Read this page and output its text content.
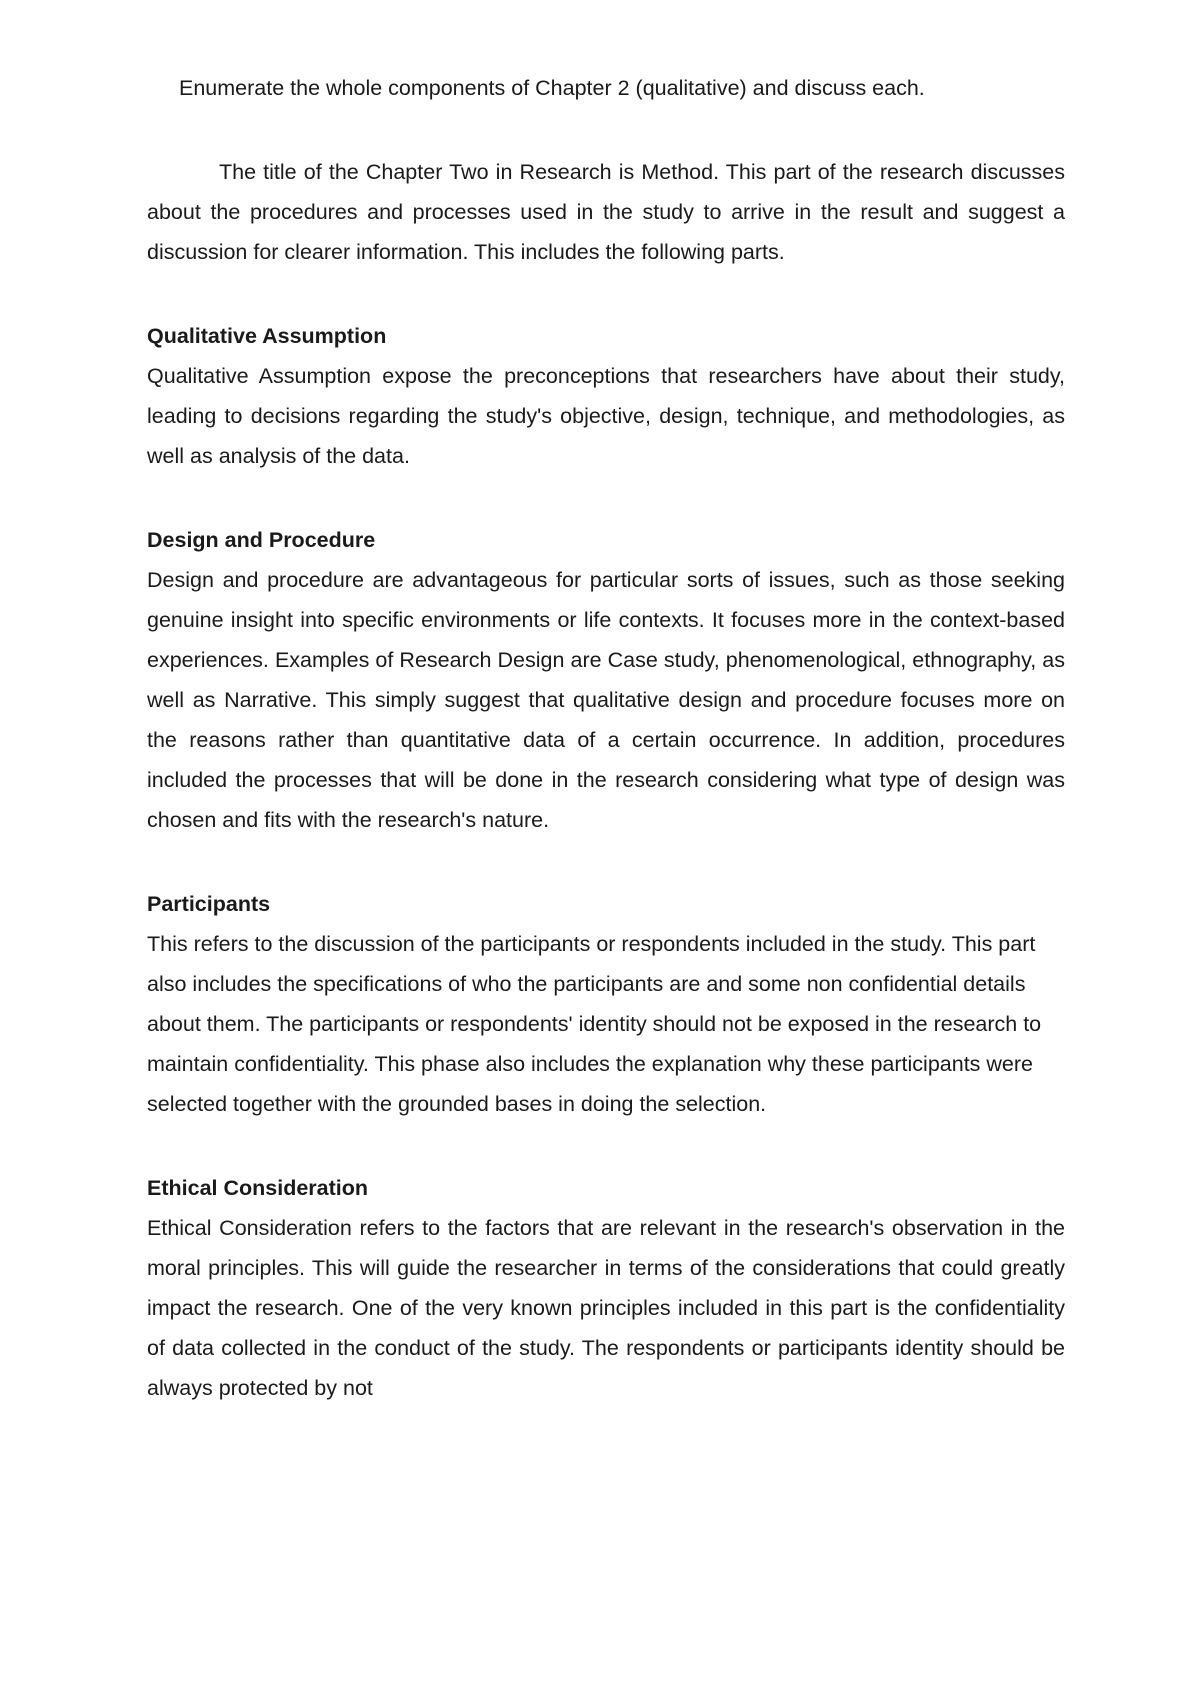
Enumerate the whole components of Chapter 2 (qualitative) and discuss each.

The title of the Chapter Two in Research is Method. This part of the research discusses about the procedures and processes used in the study to arrive in the result and suggest a discussion for clearer information. This includes the following parts.

Qualitative Assumption

Qualitative Assumption expose the preconceptions that researchers have about their study, leading to decisions regarding the study's objective, design, technique, and methodologies, as well as analysis of the data.

Design and Procedure

Design and procedure are advantageous for particular sorts of issues, such as those seeking genuine insight into specific environments or life contexts. It focuses more in the context-based experiences. Examples of Research Design are Case study, phenomenological, ethnography, as well as Narrative. This simply suggest that qualitative design and procedure focuses more on the reasons rather than quantitative data of a certain occurrence. In addition, procedures included the processes that will be done in the research considering what type of design was chosen and fits with the research's nature.

Participants

This refers to the discussion of the participants or respondents included in the study. This part also includes the specifications of who the participants are and some non confidential details about them. The participants or respondents' identity should not be exposed in the research to maintain confidentiality. This phase also includes the explanation why these participants were selected together with the grounded bases in doing the selection.

Ethical Consideration

Ethical Consideration refers to the factors that are relevant in the research's observation in the moral principles. This will guide the researcher in terms of the considerations that could greatly impact the research. One of the very known principles included in this part is the confidentiality of data collected in the conduct of the study. The respondents or participants identity should be always protected by not
